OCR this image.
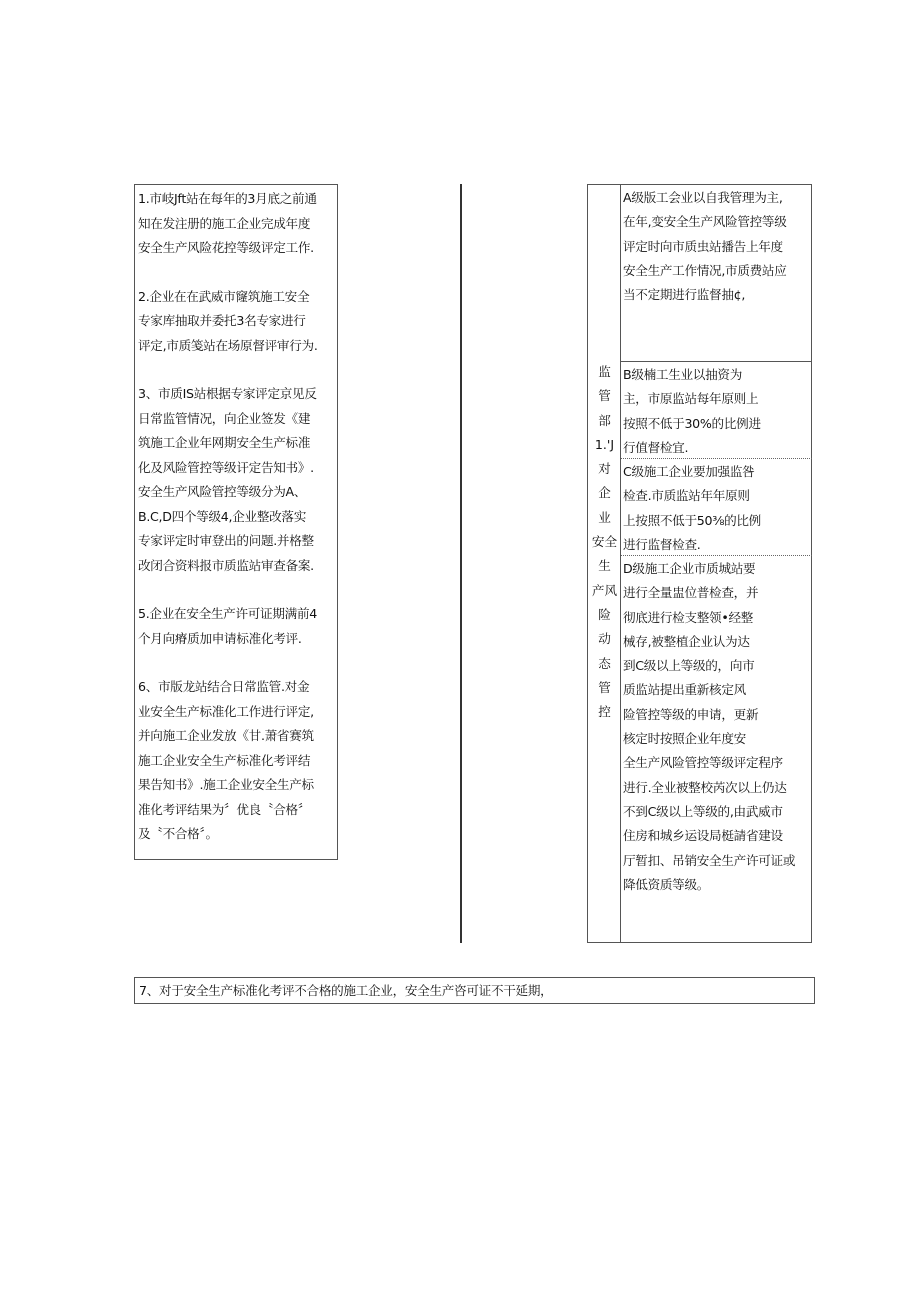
1.市岐Jft站在每年的3月底之前通
知在发注册的施工企业完成年度
安全生产风险花控等级评定工作.

2.企业在在武威市窿筑施工安全
专家库抽取并委托3名专家进行
评定,市质笺站在场原督评审行为.

3、市质IS站根据专家评定京见反
日常监管情况，向企业签发《建
筑施工企业年网期安全生产标准
化及风险管控等级讦定告知书》.
安全生产风险管控等级分为A、
B.C,D四个等级4,企业整改落实
专家评定时审登出的问题.并格整
改闭合资料报市质监站审查备案.

5.企业在安全生产许可证期满前4
个月向瘠质加申请标准化考评.

6、市版龙站结合日常监管.对金
业安全生产标准化工作进行评定,
并向施工企业发放《甘.萧省赛筑
施工企业安全生产标准化考评结
果告知书》.施工企业安全生产标
准化考评结果为〞优良〝合格〞
及〝不合格〞。

监
管
部
1.'J
对
企
业
安全
生
产风
险
动
态
管
控
A级版工会业以自我管理为主,
在年,变安全生产风险管控等级
评定时向市质虫站播告上年度
安全生产工作情况,市质费站应
当不定期进行监督抽¢,
B级楠工生业以抽资为
主，市原监站每年原则上
按照不低于30%的比例进
行值督检宜.
C级施工企业要加强监咎
检查.市质监站年年原则
上按照不低于50⅜的比例
进行监督检查.
D级施工企业市质城站要
进行全量盅位普检查，并
彻底进行检支整领•经整
械存,被整植企业认为达
到C级以上等级的，向市
质监站提出重新核定风
险管控等级的申请，更新
核定时按照企业年度安
全生产风险管控等级评定程序
进行.全业被整校芮次以上仍达
不到C级以上等级的,由武威市
住房和城乡运设局梃請省建设
厅暂扣、吊销安全生产许可证或
降低资质等级。

7、对于安全生产标准化考评不合格的施工企业，安全生产咨可证不干延期，
